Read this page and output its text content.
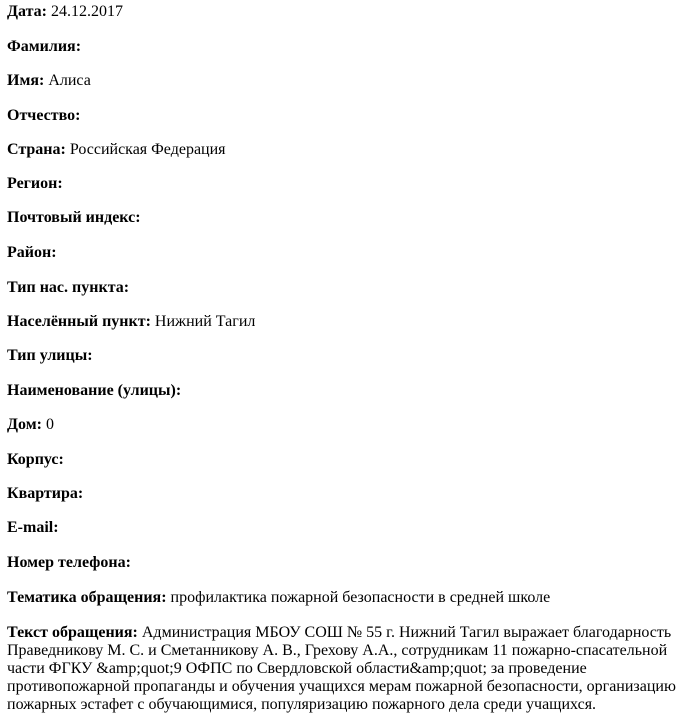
Дата: 24.12.2017
Фамилия:
Имя: Алиса
Отчество:
Страна: Российская Федерация
Регион:
Почтовый индекс:
Район:
Тип нас. пункта:
Населённый пункт: Нижний Тагил
Тип улицы:
Наименование (улицы):
Дом: 0
Корпус:
Квартира:
E-mail:
Номер телефона:
Тематика обращения: профилактика пожарной безопасности в средней школе
Текст обращения: Администрация МБОУ СОШ № 55 г. Нижний Тагил выражает благодарность Праведникову М. С. и Сметанникову А. В., Грехову А.А., сотрудникам 11 пожарно-спасательной части ФГКУ &amp;quot;9 ОФПС по Свердловской области&amp;quot; за проведение противопожарной пропаганды и обучения учащихся мерам пожарной безопасности, организацию пожарных эстафет с обучающимися, популяризацию пожарного дела среди учащихся.
